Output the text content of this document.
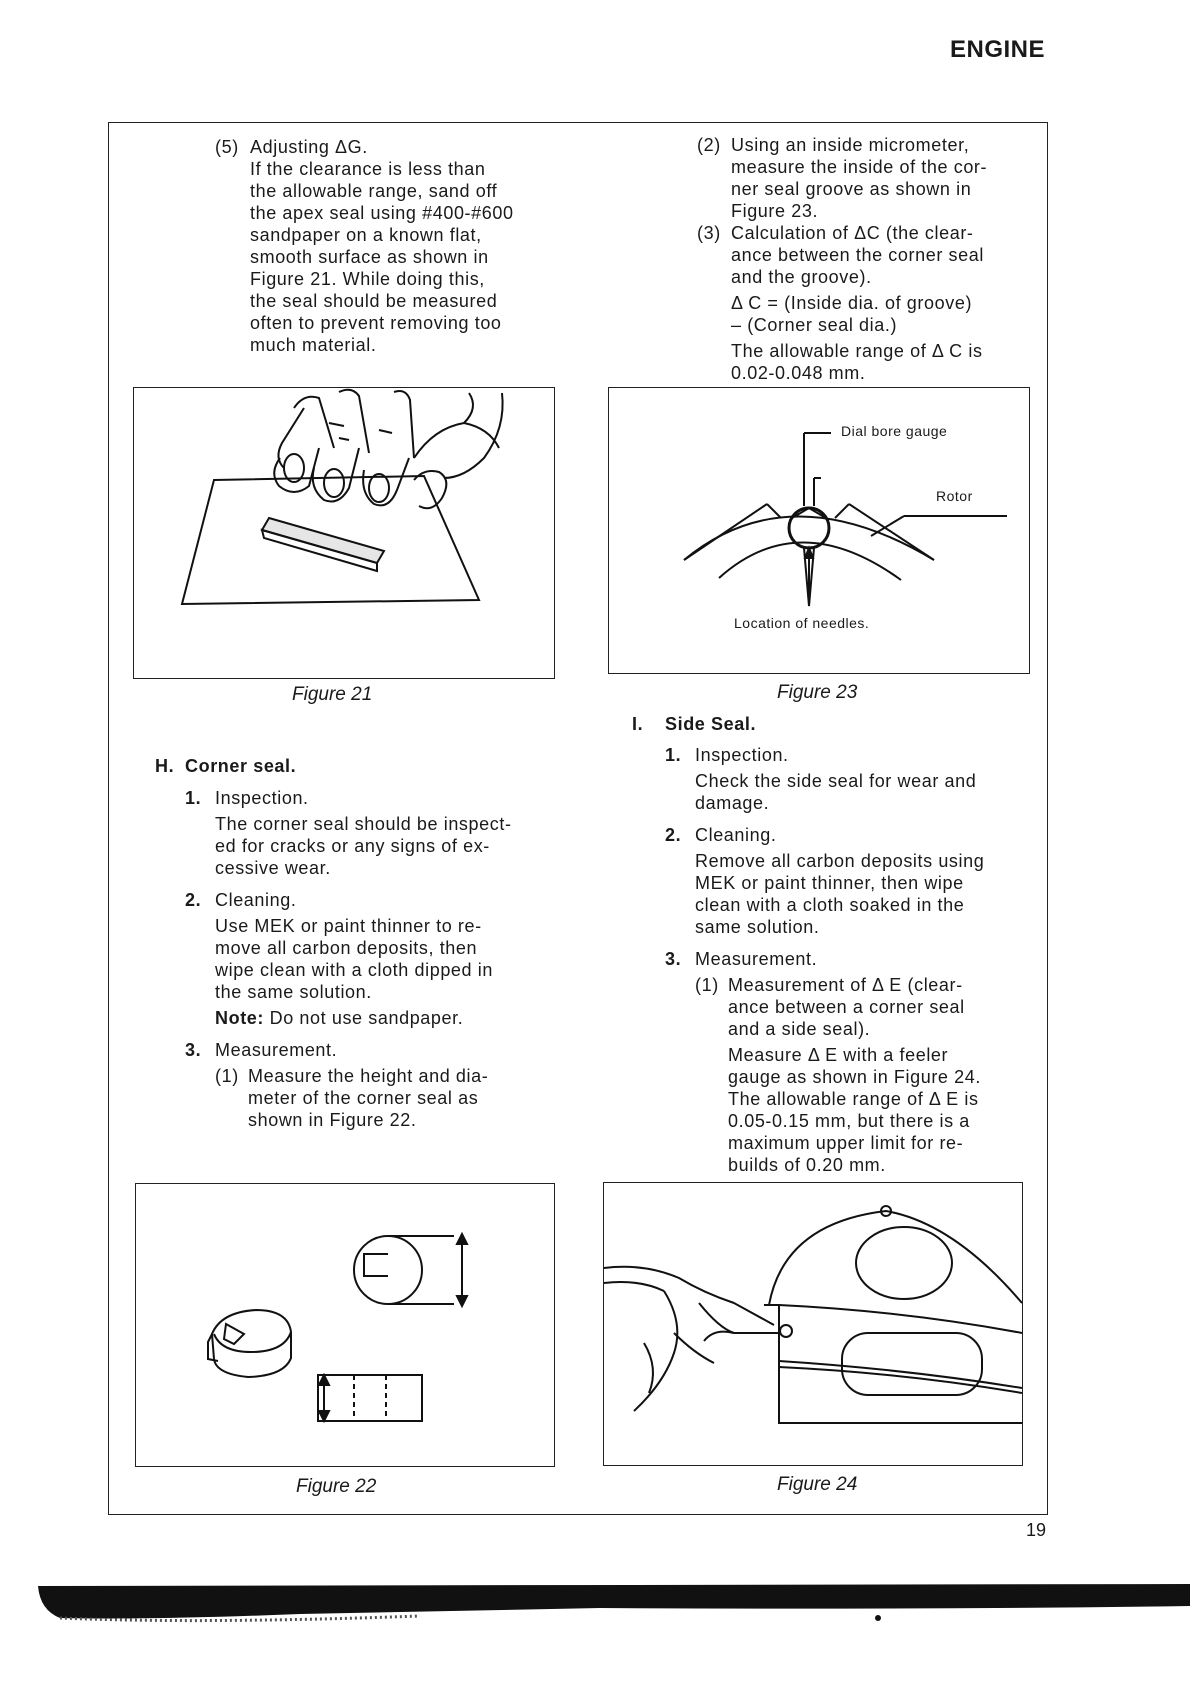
ENGINE
(5) Adjusting ΔG.

If the clearance is less than

the allowable range, sand off

the apex seal using #400-#600

sandpaper on a known flat,

smooth surface as shown in

Figure 21. While doing this,

the seal should be measured

often to prevent removing too

much material.

Figure 21
H. Corner seal.
1. Inspection.

The corner seal should be inspect-

ed for cracks or any signs of ex-

cessive wear.

2. Cleaning.

Use MEK or paint thinner to re-

move all carbon deposits, then

wipe clean with a cloth dipped in

the same solution.

Note: Do not use sandpaper.

3. Measurement.

(1) Measure the height and dia-

meter of the corner seal as

shown in Figure 22.

Figure 22
(2) Using an inside micrometer,

measure the inside of the cor-

ner seal groove as shown in

Figure 23.

(3) Calculation of ΔC (the clear-

ance between the corner seal

and the groove).

Δ C = (Inside dia. of groove)

– (Corner seal dia.)

The allowable range of Δ C is

0.02-0.048 mm.

Dial bore gauge
Rotor
Location of needles.
Figure 23
I.	Side Seal.
1. Inspection.

Check the side seal for wear and

damage.

2. Cleaning.

Remove all carbon deposits using

MEK or paint thinner, then wipe

clean with a cloth soaked in the

same solution.

3. Measurement.

(1) Measurement of Δ E (clear-

ance between a corner seal

and a side seal).

Measure Δ E with a feeler

gauge as shown in Figure 24.

The allowable range of Δ E is

0.05-0.15 mm, but there is a

maximum upper limit for re-

builds of 0.20 mm.

Figure 24
19
